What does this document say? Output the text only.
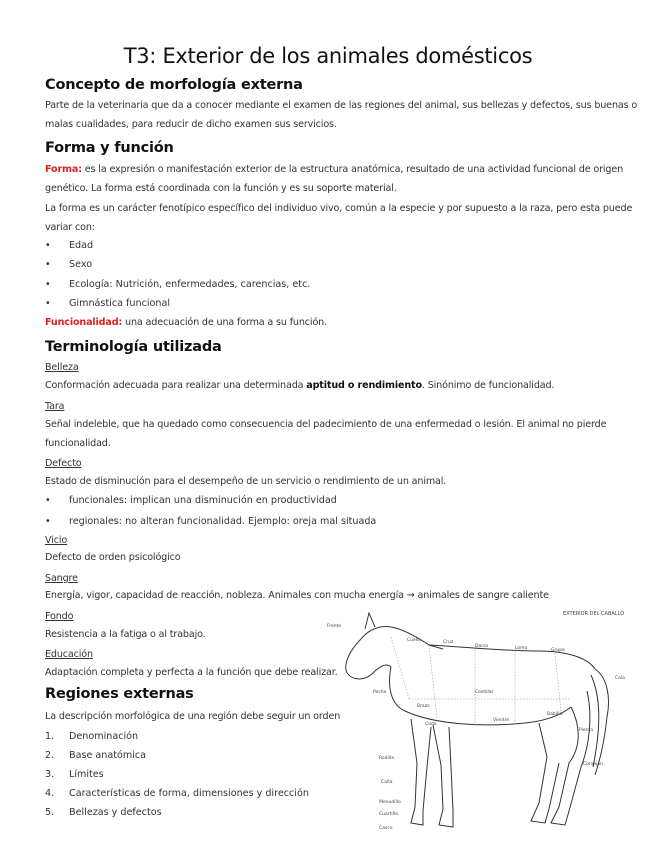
T3: Exterior de los animales domésticos
Concepto de morfología externa
Parte de la veterinaria que da a conocer mediante el examen de las regiones del animal, sus bellezas y defectos, sus buenas o
malas cualidades, para reducir de dicho examen sus servicios.
Forma y función
Forma: es la expresión o manifestación exterior de la estructura anatómica, resultado de una actividad funcional de origen
genético. La forma está coordinada con la función y es su soporte material.
La forma es un carácter fenotípico específico del individuo vivo, común a la especie y por supuesto a la raza, pero esta puede
variar con:
• Edad
• Sexo
• Ecología: Nutrición, enfermedades, carencias, etc.
• Gimnástica funcional
Funcionalidad: una adecuación de una forma a su función.
Terminología utilizada
Belleza
Conformación adecuada para realizar una determinada aptitud o rendimiento. Sinónimo de funcionalidad.
Tara
Señal indeleble, que ha quedado como consecuencia del padecimiento de una enfermedad o lesión. El animal no pierde
funcionalidad.
Defecto
Estado de disminución para el desempeño de un servicio o rendimiento de un animal.
• funcionales: implican una disminución en productividad
• regionales: no alteran funcionalidad. Ejemplo: oreja mal situada
Vicio
Defecto de orden psicológico
Sangre
Energía, vigor, capacidad de reacción, nobleza. Animales con mucha energía → animales de sangre caliente
Fondo
Resistencia a la fatiga o al trabajo.
Educación
Adaptación completa y perfecta a la función que debe realizar.
Regiones externas
La descripción morfológica de una región debe seguir un orden
1. Denominación
2. Base anatómica
3. Límites
4. Características de forma, dimensiones y dirección
5. Bellezas y defectos
EXTERIOR DEL CABALLO
Frente
Cuello	Cruz
Dorso	Lomo	Grupa
Cola
Pecho
Brazo
Codo
Costillar
Vientre
Babilla
Pierna
Corvejón
Rodilla
Caña
Menudillo
Cuartilla
Casco
